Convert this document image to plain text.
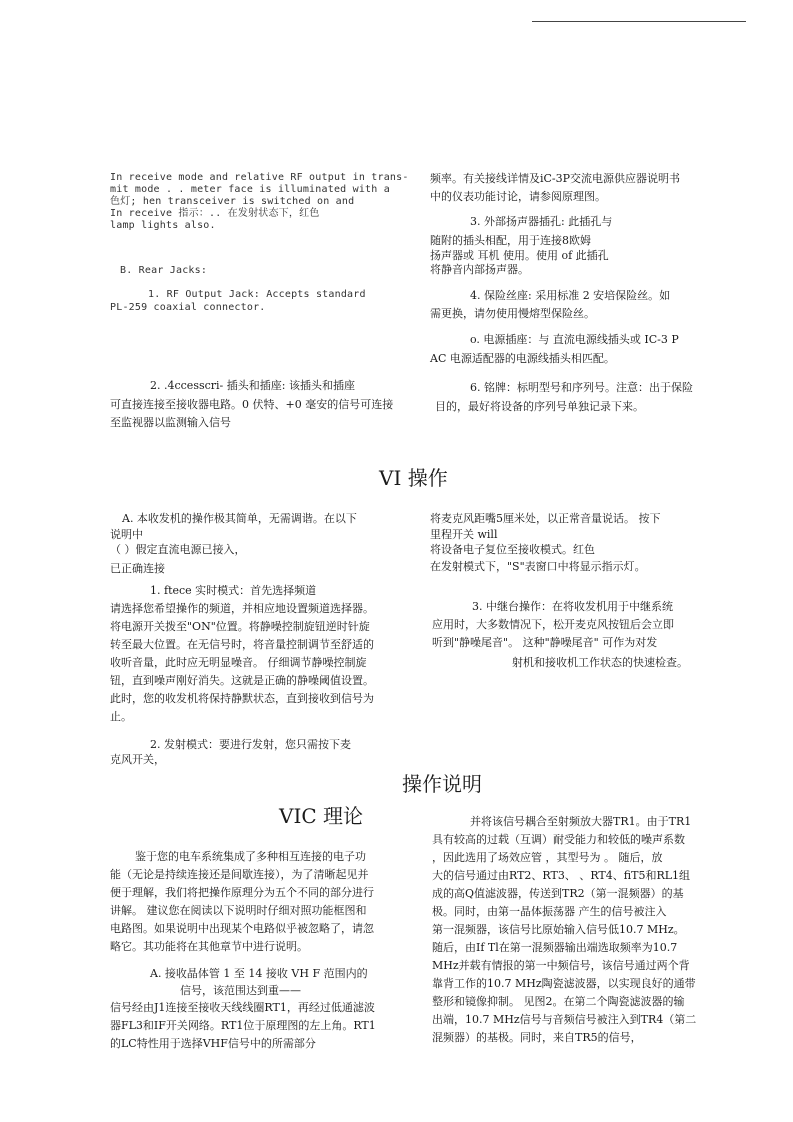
In receive mode and relative RF output in trans-
mit mode . . meter face is illuminated with a
色灯; hen transceiver is switched on and
In receive 指示：.. 在发射状态下，红色
lamp lights also.
B. Rear Jacks:
1. RF Output Jack: Accepts standard
PL-259 coaxial connector.
2. .4ccesscri- 插头和插座: 该插头和插座
可直接连接至接收器电路。0 伏特、+0 毫安的信号可连接
至监视器以监测输入信号
频率。有关接线详情及iC-3P交流电源供应器说明书
中的仪表功能讨论，请参阅原理图。
3. 外部扬声器插孔: 此插孔与
随附的插头相配，用于连接8欧姆
扬声器或 耳机 使用。使用 of 此插孔
将静音内部扬声器。
4. 保险丝座: 采用标准 2 安培保险丝。如
需更换，请勿使用慢熔型保险丝。
o. 电源插座：与 直流电源线插头或 IC-3 P
AC 电源适配器的电源线插头相匹配。
6. 铭牌：标明型号和序列号。注意：出于保险
目的，最好将设备的序列号单独记录下来。
VI 操作
A. 本收发机的操作极其简单，无需调谐。在以下
说明中
（ ）假定直流电源已接入，
已正确连接
1. ftece 实时模式：首先选择频道
请选择您希望操作的频道，并相应地设置频道选择器。
将电源开关拨至"ON"位置。将静噪控制旋钮逆时针旋
转至最大位置。在无信号时，将音量控制调节至舒适的
收听音量，此时应无明显噪音。 仔细调节静噪控制旋
钮，直到噪声刚好消失。这就是正确的静噪阈值设置。
此时，您的收发机将保持静默状态，直到接收到信号为
止。
2. 发射模式：要进行发射，您只需按下麦
克风开关，
将麦克风距嘴5厘米处，以正常音量说话。 按下
里程开关 will
将设备电子复位至接收模式。红色
在发射模式下，"S"表窗口中将显示指示灯。
3. 中继台操作：在将收发机用于中继系统
应用时，大多数情况下，松开麦克风按钮后会立即
听到"静噪尾音"。 这种"静噪尾音" 可作为对发
射机和接收机工作状态的快速检查。
操作说明
VIC 理论
鉴于您的电车系统集成了多种相互连接的电子功
能（无论是持续连接还是间歇连接），为了清晰起见并
便于理解，我们将把操作原理分为五个不同的部分进行
讲解。 建议您在阅读以下说明时仔细对照功能框图和
电路图。如果说明中出现某个电路似乎被忽略了，请忽
略它。其功能将在其他章节中进行说明。
A. 接收晶体管 1 至 14 接收 VH F 范围内的
信号，该范围达到重——
信号经由J1连接至接收天线线圈RT1，再经过低通滤波
器FL3和IF开关网络。RT1位于原理图的左上角。RT1
的LC特性用于选择VHF信号中的所需部分
并将该信号耦合至射频放大器TR1。由于TR1
具有较高的过载（互调）耐受能力和较低的噪声系数
，因此选用了场效应管 ，其型号为 。 随后，放
大的信号通过由RT2、RT3、 、RT4、fiT5和RL1组
成的高Q值滤波器，传送到TR2（第一混频器）的基
极。同时，由第一晶体振荡器 产生的信号被注入
第一混频器，该信号比原始输入信号低10.7 MHz。
随后，由If Tl在第一混频器输出端选取频率为10.7
MHz并载有情报的第一中频信号，该信号通过两个背
靠背工作的10.7 MHz陶瓷滤波器，以实现良好的通带
整形和镜像抑制。 见图2。在第二个陶瓷滤波器的输
出端，10.7 MHz信号与音频信号被注入到TR4（第二
混频器）的基极。同时，来自TR5的信号，
